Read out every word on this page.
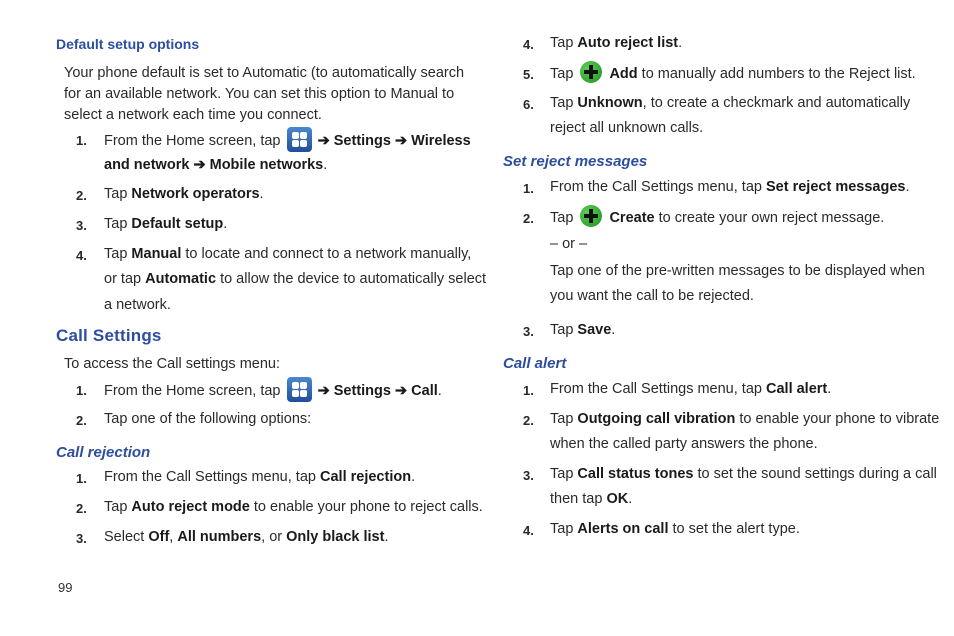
Default setup options
Your phone default is set to Automatic (to automatically search
for an available network. You can set this option to Manual to
select a network each time you connect.
1. From the Home screen, tap	➔ Settings ➔ Wireless
and network ➔ Mobile networks.
2. Tap Network operators.
3. Tap Default setup.
4. Tap Manual to locate and connect to a network manually,
or tap Automatic to allow the device to automatically select
a network.
Call Settings
To access the Call settings menu:
1. From the Home screen, tap	➔ Settings ➔ Call.
2. Tap one of the following options:
Call rejection
1. From the Call Settings menu, tap Call rejection.
2. Tap Auto reject mode to enable your phone to reject calls.
3. Select Off, All numbers, or Only black list.
4. Tap Auto reject list.
5. Tap Add to manually add numbers to the Reject list.
6. Tap Unknown, to create a checkmark and automatically
reject all unknown calls.
Set reject messages
1. From the Call Settings menu, tap Set reject messages.
2. Tap Create to create your own reject message.
– or –
Tap one of the pre-written messages to be displayed when
you want the call to be rejected.
3. Tap Save.
Call alert
1. From the Call Settings menu, tap Call alert.
2. Tap Outgoing call vibration to enable your phone to vibrate
when the called party answers the phone.
3. Tap Call status tones to set the sound settings during a call
then tap OK.
4. Tap Alerts on call to set the alert type.
99
